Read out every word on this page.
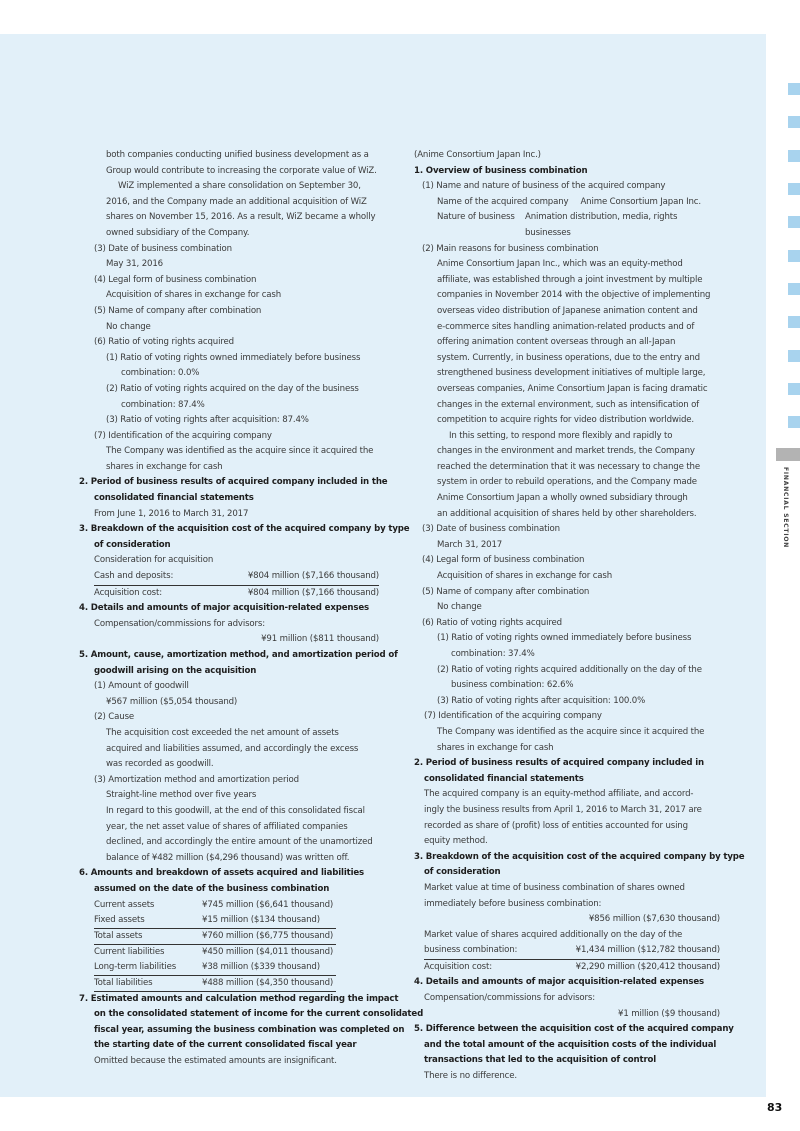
both companies conducting unified business development as a
Group would contribute to increasing the corporate value of WiZ.
WiZ implemented a share consolidation on September 30,
2016, and the Company made an additional acquisition of WiZ
shares on November 15, 2016. As a result, WiZ became a wholly
owned subsidiary of the Company.
(3) Date of business combination
May 31, 2016
(4) Legal form of business combination
Acquisition of shares in exchange for cash
(5) Name of company after combination
No change
(6) Ratio of voting rights acquired
(1) Ratio of voting rights owned immediately before business
combination: 0.0%
(2) Ratio of voting rights acquired on the day of the business
combination: 87.4%
(3) Ratio of voting rights after acquisition: 87.4%
(7) Identification of the acquiring company
The Company was identified as the acquire since it acquired the
shares in exchange for cash
2. Period of business results of acquired company included in the
consolidated financial statements
From June 1, 2016 to March 31, 2017
3. Breakdown of the acquisition cost of the acquired company by type
of consideration
Consideration for acquisition
Cash and deposits:	¥804 million ($7,166 thousand)
Acquisition cost:	¥804 million ($7,166 thousand)
4. Details and amounts of major acquisition-related expenses
Compensation/commissions for advisors:
¥91 million ($811 thousand)
5. Amount, cause, amortization method, and amortization period of
goodwill arising on the acquisition
(1) Amount of goodwill
¥567 million ($5,054 thousand)
(2) Cause
The acquisition cost exceeded the net amount of assets
acquired and liabilities assumed, and accordingly the excess
was recorded as goodwill.
(3) Amortization method and amortization period
Straight-line method over five years
In regard to this goodwill, at the end of this consolidated fiscal
year, the net asset value of shares of affiliated companies
declined, and accordingly the entire amount of the unamortized
balance of ¥482 million ($4,296 thousand) was written off.
6. Amounts and breakdown of assets acquired and liabilities
assumed on the date of the business combination
Current assets	¥745 million ($6,641 thousand)
Fixed assets	¥15 million ($134 thousand)
Total assets	¥760 million ($6,775 thousand)
Current liabilities	¥450 million ($4,011 thousand)
Long-term liabilities	¥38 million ($339 thousand)
Total liabilities	¥488 million ($4,350 thousand)
7. Estimated amounts and calculation method regarding the impact
on the consolidated statement of income for the current consolidated
fiscal year, assuming the business combination was completed on
the starting date of the current consolidated fiscal year
Omitted because the estimated amounts are insignificant.
(Anime Consortium Japan Inc.)
1. Overview of business combination
(1) Name and nature of business of the acquired company
Name of the acquired company Anime Consortium Japan Inc.
Nature of business Animation distribution, media, rights
businesses
(2) Main reasons for business combination
Anime Consortium Japan Inc., which was an equity-method
affiliate, was established through a joint investment by multiple
companies in November 2014 with the objective of implementing
overseas video distribution of Japanese animation content and
e-commerce sites handling animation-related products and of
offering animation content overseas through an all-Japan
system. Currently, in business operations, due to the entry and
strengthened business development initiatives of multiple large,
overseas companies, Anime Consortium Japan is facing dramatic
changes in the external environment, such as intensification of
competition to acquire rights for video distribution worldwide.
In this setting, to respond more flexibly and rapidly to
changes in the environment and market trends, the Company
reached the determination that it was necessary to change the
system in order to rebuild operations, and the Company made
Anime Consortium Japan a wholly owned subsidiary through
an additional acquisition of shares held by other shareholders.
(3) Date of business combination
March 31, 2017
(4) Legal form of business combination
Acquisition of shares in exchange for cash
(5) Name of company after combination
No change
(6) Ratio of voting rights acquired
(1) Ratio of voting rights owned immediately before business
combination: 37.4%
(2) Ratio of voting rights acquired additionally on the day of the
business combination: 62.6%
(3) Ratio of voting rights after acquisition: 100.0%
(7) Identification of the acquiring company
The Company was identified as the acquire since it acquired the
shares in exchange for cash
2. Period of business results of acquired company included in
consolidated financial statements
The acquired company is an equity-method affiliate, and accord-
ingly the business results from April 1, 2016 to March 31, 2017 are
recorded as share of (profit) loss of entities accounted for using
equity method.
3. Breakdown of the acquisition cost of the acquired company by type
of consideration
Market value at time of business combination of shares owned
immediately before business combination:
¥856 million ($7,630 thousand)
Market value of shares acquired additionally on the day of the
business combination:	¥1,434 million ($12,782 thousand)
Acquisition cost:	¥2,290 million ($20,412 thousand)
4. Details and amounts of major acquisition-related expenses
Compensation/commissions for advisors:
¥1 million ($9 thousand)
5. Difference between the acquisition cost of the acquired company
and the total amount of the acquisition costs of the individual
transactions that led to the acquisition of control
There is no difference.
FINANCIAL SECTION
83
